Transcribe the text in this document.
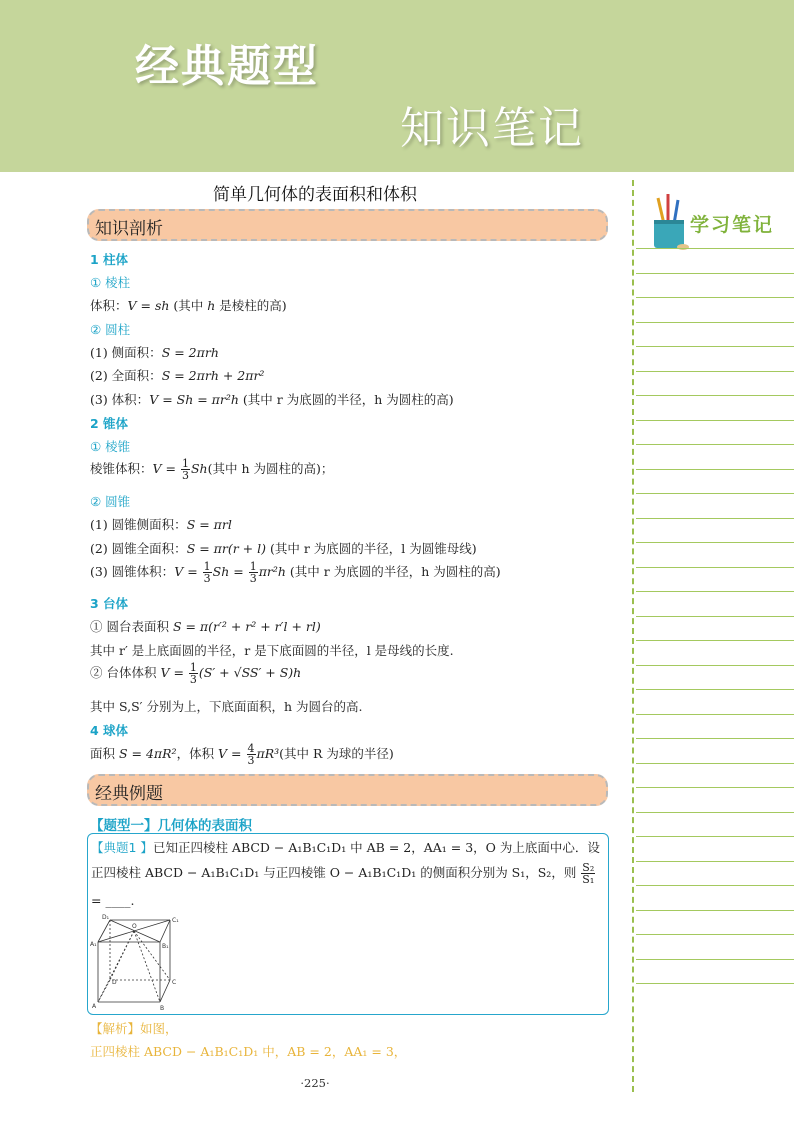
经典题型
知识笔记
简单几何体的表面积和体积
知识剖析
1 柱体
① 棱柱
体积：V = sh (其中 h 是棱柱的高)
② 圆柱
(1) 侧面积：S = 2πrh
(2) 全面积：S = 2πrh + 2πr²
(3) 体积：V = Sh = πr²h (其中 r 为底圆的半径，h 为圆柱的高)
2 锥体
① 棱锥
棱锥体积：$V = \frac{1}{3} Sh$(其中 h 为圆柱的高)；
② 圆锥
(1) 圆锥侧面积：S = πrl
(2) 圆锥全面积：S = πr(r + l) (其中 r 为底圆的半径，l 为圆锥母线)
(3) 圆锥体积：$V = \frac{1}{3}$ $Sh = \frac{1}{3} \pi r^2h$ (其中 r 为底圆的半径，h 为圆柱的高)
3 台体
① 圆台表面积 S = π(r′² + r² + r′l + rl)
其中 r′ 是上底面圆的半径，r 是下底面圆的半径，l 是母线的长度.
② 台体体积 $V = \frac{1}{3} (S' + √SS' + S)h$
其中 S,S′ 分别为上，下底面面积，h 为圆台的高.
4 球体
面积 S = 4πR²，体积 $V = \frac{4}{3} \pi R^3$(其中 R 为球的半径)
经典例题
【题型一】几何体的表面积
【典题1 】已知正四棱柱 ABCD − A₁B₁C₁D₁ 中 AB = 2，AA₁ = 3，O 为上底面中心．设
正四棱柱 ABCD − A₁B₁C₁D₁ 与正四棱锥 O − A₁B₁C₁D₁ 的侧面积分别为 S₁，S₂，则 $\frac{\text{S₂}}{\text{S₁}}$
= ____.
D₁
O
C₁
A₁	B₁
D	C
A	B
【解析】如图，
正四棱柱 ABCD − A₁B₁C₁D₁ 中，AB = 2，AA₁ = 3，
·225·
学习笔记
